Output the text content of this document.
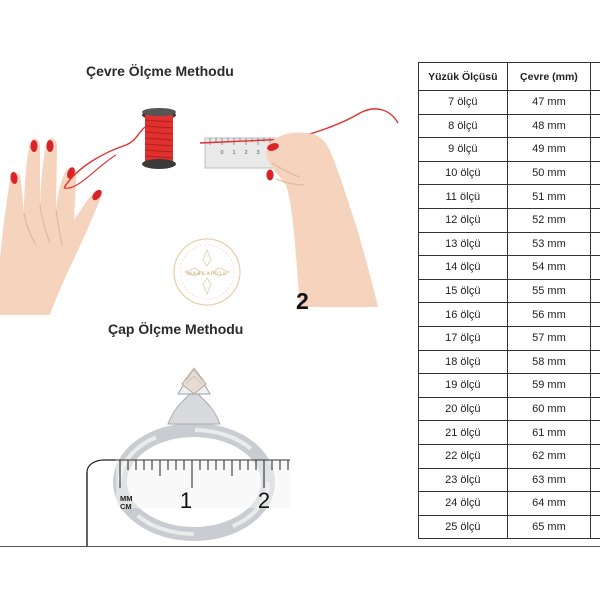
Çevre Ölçme Methodu
Çap Ölçme Methodu
0 1 2 3
2
MARKAPOLL
MM
CM 1	2
Yüzük Ölçüsü	Çevre (mm)	
7 ölçü	47 mm	
8 ölçü	48 mm	
9 ölçü	49 mm	
10 ölçü	50 mm	
11 ölçü	51 mm	
12 ölçü	52 mm	
13 ölçü	53 mm	
14 ölçü	54 mm	
15 ölçü	55 mm	
16 ölçü	56 mm	
17 ölçü	57 mm	
18 ölçü	58 mm	
19 ölçü	59 mm	
20 ölçü	60 mm	
21 ölçü	61 mm	
22 ölçü	62 mm	
23 ölçü	63 mm	
24 ölçü	64 mm	
25 ölçü	65 mm	
